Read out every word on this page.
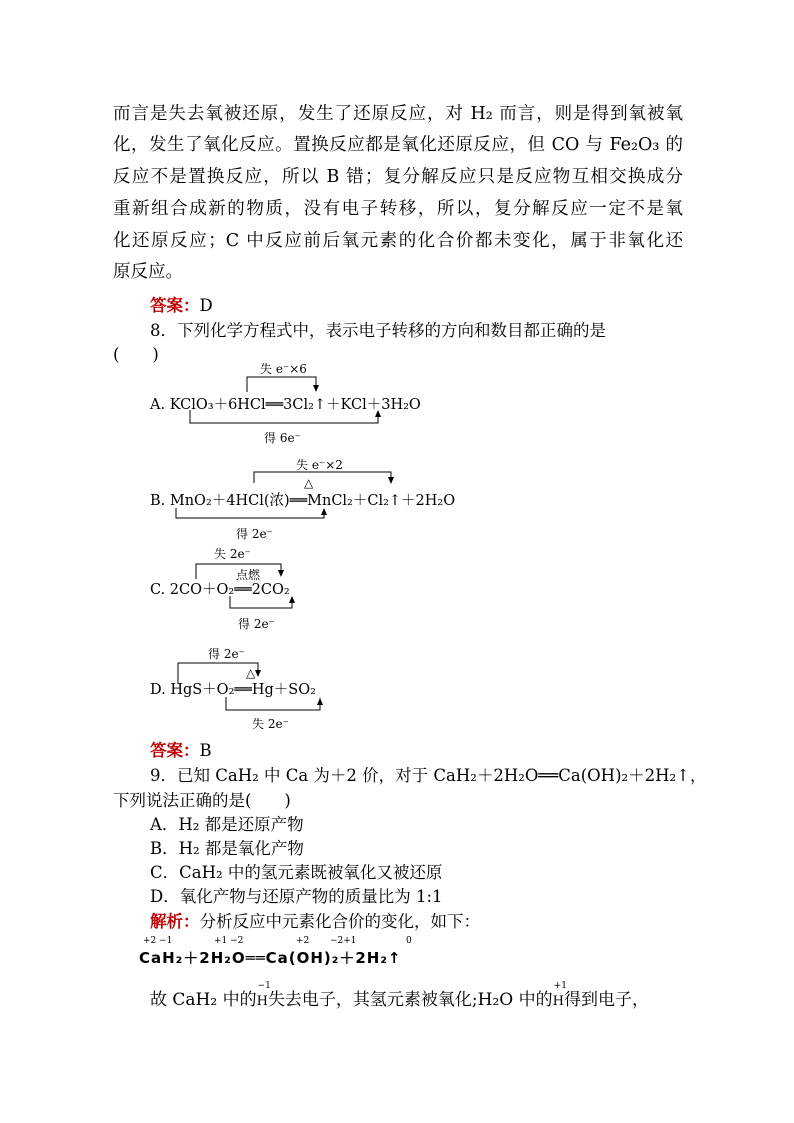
而言是失去氧被还原，发生了还原反应，对 H₂ 而言，则是得到氧被氧
化，发生了氧化反应。置换反应都是氧化还原反应，但 CO 与 Fe₂O₃ 的
反应不是置换反应，所以 B 错；复分解反应只是反应物互相交换成分
重新组合成新的物质，没有电子转移，所以，复分解反应一定不是氧
化还原反应；C 中反应前后氧元素的化合价都未变化，属于非氧化还
原反应。
答案：D
8．下列化学方程式中，表示电子转移的方向和数目都正确的是
(　　)
失 e⁻×6
A. KClO₃＋6HCl══3Cl₂↑＋KCl＋3H₂O
得 6e⁻
失 e⁻×2
△
B. MnO₂＋4HCl(浓)══MnCl₂＋Cl₂↑＋2H₂O
得 2e⁻
失 2e⁻
点燃
C. 2CO＋O₂══2CO₂
得 2e⁻
得 2e⁻
△
D. HgS＋O₂══Hg＋SO₂
失 2e⁻
答案：B
9．已知 CaH₂ 中 Ca 为＋2 价，对于 CaH₂＋2H₂O══Ca(OH)₂＋2H₂↑，
下列说法正确的是(　　)
A．H₂ 都是还原产物
B．H₂ 都是氧化产物
C．CaH₂ 中的氢元素既被氧化又被还原
D．氧化产物与还原产物的质量比为 1:1
解析：分析反应中元素化合价的变化，如下：
+2 −1	+1 −2	+2 −2+1	0
CaH₂＋2H₂O══Ca(OH)₂＋2H₂↑
故 CaH₂ 中的
−1
H失去电子，其氢元素被氧化;H₂O 中的
+1
H得到电子，
